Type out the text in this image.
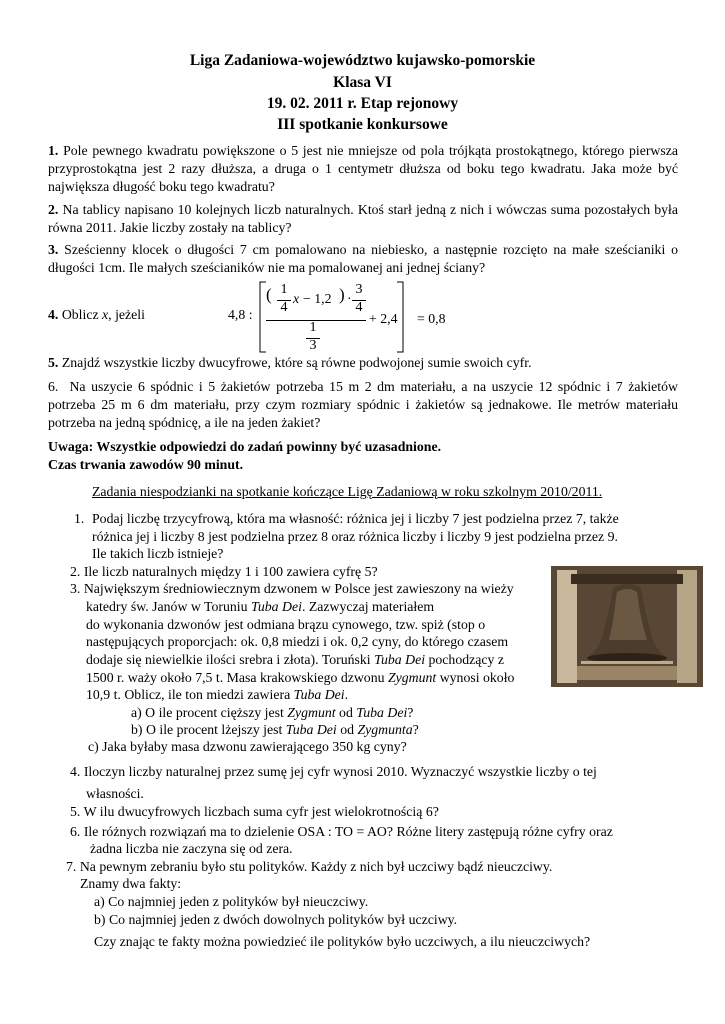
Liga Zadaniowa-województwo kujawsko-pomorskie
Klasa VI
19. 02. 2011 r. Etap rejonowy
III spotkanie konkursowe
1. Pole pewnego kwadratu powiększone o 5 jest nie mniejsze od pola trójkąta prostokątnego, którego pierwsza przyprostokątna jest 2 razy dłuższa, a druga o 1 centymetr dłuższa od boku tego kwadratu. Jaka może być największa długość boku tego kwadratu?
2. Na tablicy napisano 10 kolejnych liczb naturalnych. Ktoś starł jedną z nich i wówczas suma pozostałych była równa 2011. Jakie liczby zostały na tablicy?
3. Sześcienny klocek o długości 7 cm pomalowano na niebiesko, a następnie rozcięto na małe sześcianiki o długości 1cm. Ile małych sześcianików nie ma pomalowanej ani jednej ściany?
4. Oblicz x, jeżeli	4,8 :
( 1
4
x − 1,2 ) ·
3
4
1
3
+ 2,4 = 0,8
5. Znajdź wszystkie liczby dwucyfrowe, które są równe podwojonej sumie swoich cyfr.
6. Na uszycie 6 spódnic i 5 żakietów potrzeba 15 m 2 dm materiału, a na uszycie 12 spódnic i 7 żakietów potrzeba 25 m 6 dm materiału, przy czym rozmiary spódnic i żakietów są jednakowe. Ile metrów materiału potrzeba na jedną spódnicę, a ile na jeden żakiet?
Uwaga: Wszystkie odpowiedzi do zadań powinny być uzasadnione.
Czas trwania zawodów 90 minut.
Zadania niespodzianki na spotkanie kończące Ligę Zadaniową w roku szkolnym 2010/2011.
1. Podaj liczbę trzycyfrową, która ma własność: różnica jej i liczby 7 jest podzielna przez 7, także
różnica jej i liczby 8 jest podzielna przez 8 oraz różnica liczby i liczby 9 jest podzielna przez 9.
Ile takich liczb istnieje?
2. Ile liczb naturalnych między 1 i 100 zawiera cyfrę 5?
3. Największym średniowiecznym dzwonem w Polsce jest zawieszony na wieży
katedry św. Janów w Toruniu Tuba Dei. Zazwyczaj materiałem
do wykonania dzwonów jest odmiana brązu cynowego, tzw. spiż (stop o
następujących proporcjach: ok. 0,8 miedzi i ok. 0,2 cyny, do którego czasem
dodaje się niewielkie ilości srebra i złota). Toruński Tuba Dei pochodzący z
1500 r. waży około 7,5 t. Masa krakowskiego dzwonu Zygmunt wynosi około
10,9 t. Oblicz, ile ton miedzi zawiera Tuba Dei.
a) O ile procent cięższy jest Zygmunt od Tuba Dei?
b) O ile procent lżejszy jest Tuba Dei od Zygmunta?
c) Jaka byłaby masa dzwonu zawierającego 350 kg cyny?
4. Iloczyn liczby naturalnej przez sumę jej cyfr wynosi 2010. Wyznaczyć wszystkie liczby o tej
własności.
5. W ilu dwucyfrowych liczbach suma cyfr jest wielokrotnością 6?
6. Ile różnych rozwiązań ma to dzielenie OSA : TO = AO? Różne litery zastępują różne cyfry oraz
żadna liczba nie zaczyna się od zera.
7. Na pewnym zebraniu było stu polityków. Każdy z nich był uczciwy bądź nieuczciwy.
Znamy dwa fakty:
a) Co najmniej jeden z polityków był nieuczciwy.
b) Co najmniej jeden z dwóch dowolnych polityków był uczciwy.
Czy znając te fakty można powiedzieć ile polityków było uczciwych, a ilu nieuczciwych?
